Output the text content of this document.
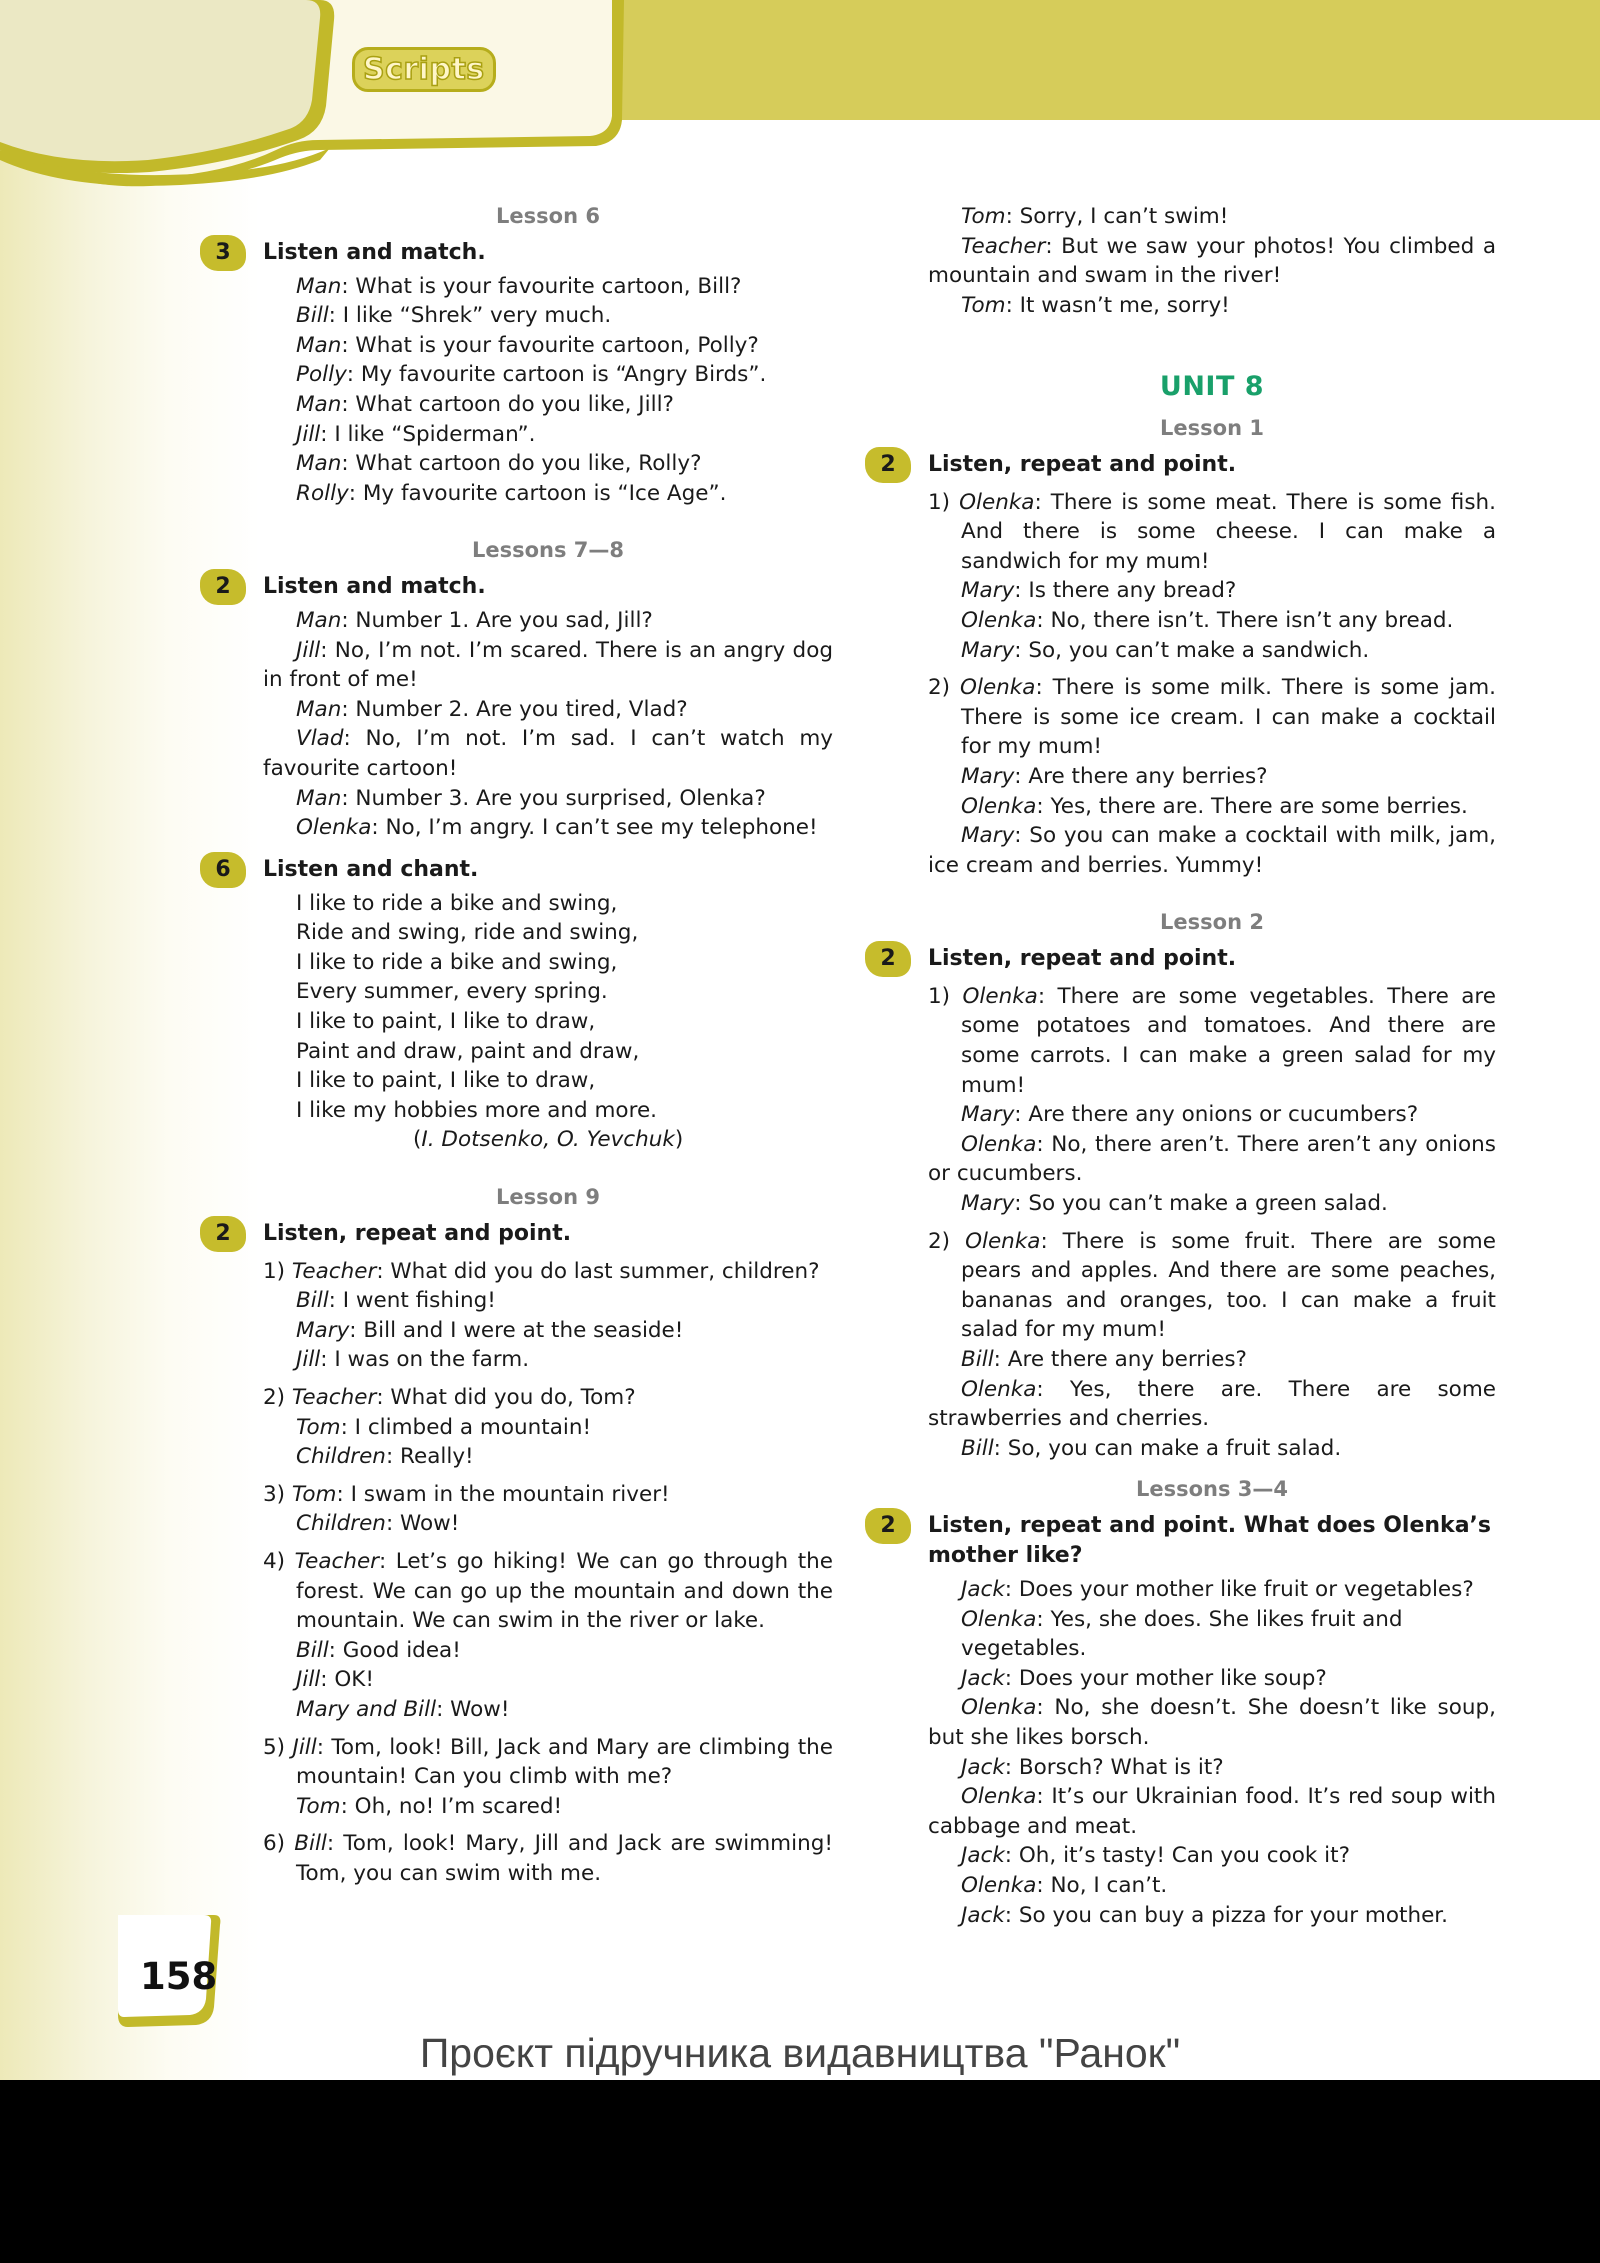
Scripts
Lesson 6
3	Listen and match.

Man: What is your favourite cartoon, Bill?

Bill: I like “Shrek” very much.

Man: What is your favourite cartoon, Polly?

Polly: My favourite cartoon is “Angry Birds”.

Man: What cartoon do you like, Jill?

Jill: I like “Spiderman”.

Man: What cartoon do you like, Rolly?

Rolly: My favourite cartoon is “Ice Age”.

Lessons 7—8
2	Listen and match.

Man: Number 1. Are you sad, Jill?

Jill: No, I’m not. I’m scared. There is an angry dog in front of me!

Man: Number 2. Are you tired, Vlad?

Vlad: No, I’m not. I’m sad. I can’t watch my favourite cartoon!

Man: Number 3. Are you surprised, Olenka?

Olenka: No, I’m angry. I can’t see my telephone!

6	Listen and chant.

I like to ride a bike and swing,

Ride and swing, ride and swing,

I like to ride a bike and swing,

Every summer, every spring.

I like to paint, I like to draw,

Paint and draw, paint and draw,

I like to paint, I like to draw,

I like my hobbies more and more.

(I. Dotsenko, O. Yevchuk)

Lesson 9
2	Listen, repeat and point.

1) Teacher: What did you do last summer, children?

Bill: I went fishing!

Mary: Bill and I were at the seaside!

Jill: I was on the farm.

2) Teacher: What did you do, Tom?

Tom: I climbed a mountain!

Children: Really!

3) Tom: I swam in the mountain river!

Children: Wow!

4) Teacher: Let’s go hiking! We can go through the forest. We can go up the mountain and down the mountain. We can swim in the river or lake.

Bill: Good idea!

Jill: OK!

Mary and Bill: Wow!

5) Jill: Tom, look! Bill, Jack and Mary are climbing the mountain! Can you climb with me?

Tom: Oh, no! I’m scared!

6) Bill: Tom, look! Mary, Jill and Jack are swimming! Tom, you can swim with me.

Tom: Sorry, I can’t swim!

Teacher: But we saw your photos! You climbed a mountain and swam in the river!

Tom: It wasn’t me, sorry!

UNIT 8
Lesson 1
2	Listen, repeat and point.

1) Olenka: There is some meat. There is some fish. And there is some cheese. I can make a sandwich for my mum!

Mary: Is there any bread?

Olenka: No, there isn’t. There isn’t any bread.

Mary: So, you can’t make a sandwich.

2) Olenka: There is some milk. There is some jam. There is some ice cream. I can make a cocktail for my mum!

Mary: Are there any berries?

Olenka: Yes, there are. There are some berries.

Mary: So you can make a cocktail with milk, jam, ice cream and berries. Yummy!

Lesson 2
2	Listen, repeat and point.

1) Olenka: There are some vegetables. There are some potatoes and tomatoes. And there are some carrots. I can make a green salad for my mum!

Mary: Are there any onions or cucumbers?

Olenka: No, there aren’t. There aren’t any onions or cucumbers.

Mary: So you can’t make a green salad.

2) Olenka: There is some fruit. There are some pears and apples. And there are some peaches, bananas and oranges, too. I can make a fruit salad for my mum!

Bill: Are there any berries?

Olenka: Yes, there are. There are some strawberries and cherries.

Bill: So, you can make a fruit salad.

Lessons 3—4
2	Listen, repeat and point. What does Olenka’s mother like?

Jack: Does your mother like fruit or vegetables?

Olenka: Yes, she does. She likes fruit and vegetables.

Jack: Does your mother like soup?

Olenka: No, she doesn’t. She doesn’t like soup, but she likes borsch.

Jack: Borsch? What is it?

Olenka: It’s our Ukrainian food. It’s red soup with cabbage and meat.

Jack: Oh, it’s tasty! Can you cook it?

Olenka: No, I can’t.

Jack: So you can buy a pizza for your mother.

158
Проєкт підручника видавництва "Ранок"
